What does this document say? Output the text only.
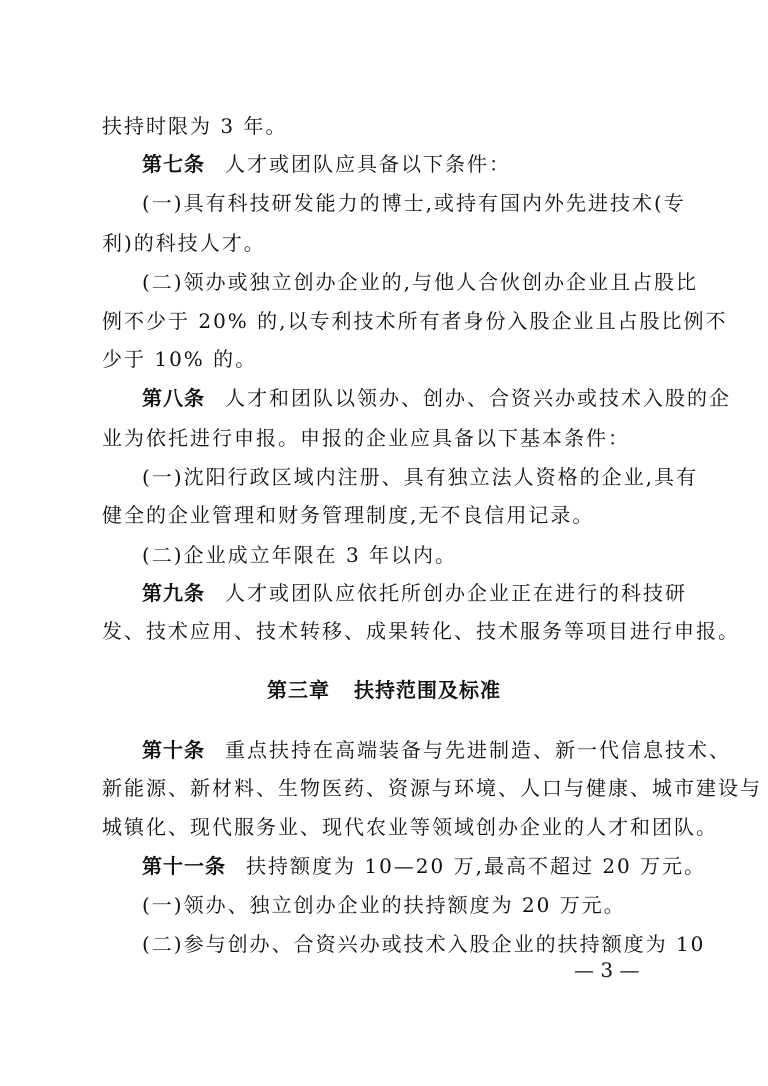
扶持时限为 3 年。
第七条 人才或团队应具备以下条件：
(一)具有科技研发能力的博士,或持有国内外先进技术(专
利)的科技人才。
(二)领办或独立创办企业的,与他人合伙创办企业且占股比
例不少于 20% 的,以专利技术所有者身份入股企业且占股比例不
少于 10% 的。
第八条 人才和团队以领办、创办、合资兴办或技术入股的企
业为依托进行申报。申报的企业应具备以下基本条件：
(一)沈阳行政区域内注册、具有独立法人资格的企业,具有
健全的企业管理和财务管理制度,无不良信用记录。
(二)企业成立年限在 3 年以内。
第九条 人才或团队应依托所创办企业正在进行的科技研
发、技术应用、技术转移、成果转化、技术服务等项目进行申报。
第三章 扶持范围及标准
第十条 重点扶持在高端装备与先进制造、新一代信息技术、
新能源、新材料、生物医药、资源与环境、人口与健康、城市建设与
城镇化、现代服务业、现代农业等领域创办企业的人才和团队。
第十一条 扶持额度为 10—20 万,最高不超过 20 万元。
(一)领办、独立创办企业的扶持额度为 20 万元。
(二)参与创办、合资兴办或技术入股企业的扶持额度为 10
— 3 —
